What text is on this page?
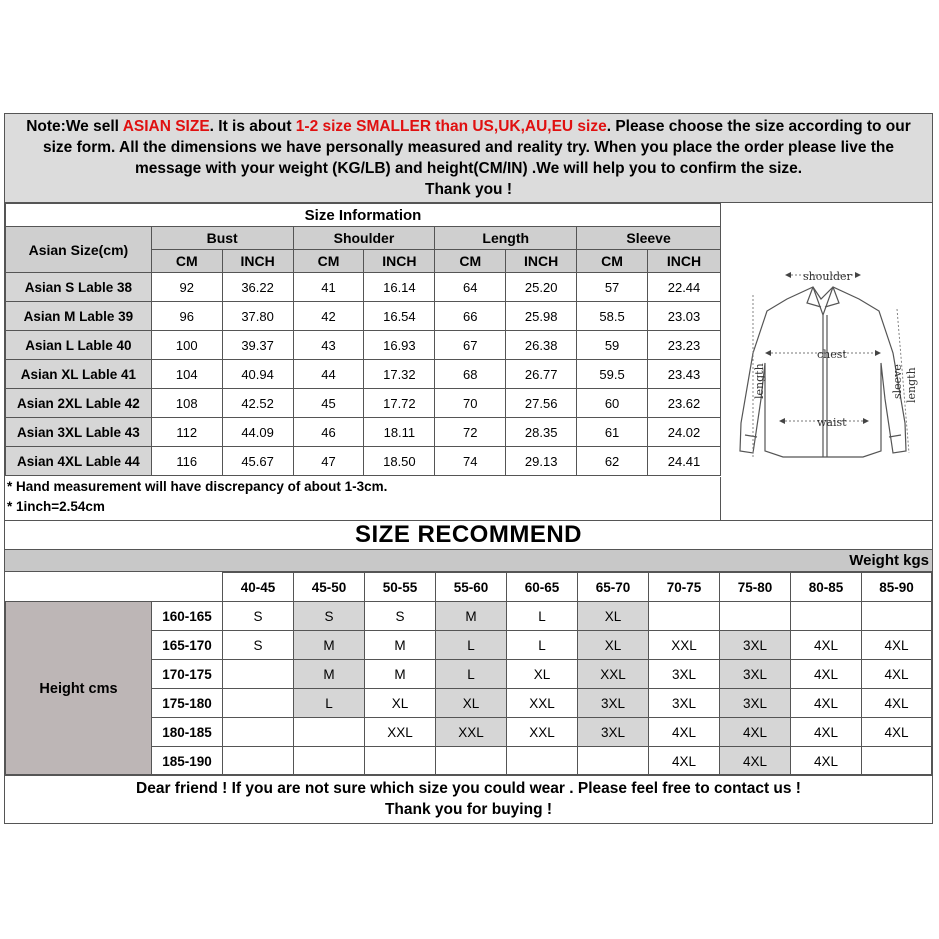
Note:We sell ASIAN SIZE. It is about 1-2 size SMALLER than US,UK,AU,EU size. Please choose the size according to our
size form. All the dimensions we have personally measured and reality try. When you place the order please live the
message with your weight (KG/LB) and height(CM/IN) .We will help you to confirm the size.
Thank you !
Size Information								
Asian Size(cm)	Bust		Shoulder		Length		Sleeve	
	CM	INCH	CM	INCH	CM	INCH	CM	INCH
Asian S Lable 38	92	36.22	41	16.14	64	25.20	57	22.44
Asian M Lable 39	96	37.80	42	16.54	66	25.98	58.5	23.03
Asian L Lable 40	100	39.37	43	16.93	67	26.38	59	23.23
Asian XL Lable 41	104	40.94	44	17.32	68	26.77	59.5	23.43
Asian 2XL Lable 42	108	42.52	45	17.72	70	27.56	60	23.62
Asian 3XL Lable 43	112	44.09	46	18.11	72	28.35	61	24.02
Asian 4XL Lable 44	116	45.67	47	18.50	74	29.13	62	24.41
* Hand measurement will have discrepancy of about 1-3cm.
* 1inch=2.54cm
shoulder
chest
waist
length	sleeve length
SIZE RECOMMEND
Weight kgs
		40-45	45-50	50-55	55-60	60-65	65-70	70-75	75-80	80-85	85-90
Height cms	160-165	S	S	S	M	L	XL				
	165-170	S	M	M	L	L	XL	XXL	3XL	4XL	4XL
	170-175		M	M	L	XL	XXL	3XL	3XL	4XL	4XL
	175-180		L	XL	XL	XXL	3XL	3XL	3XL	4XL	4XL
	180-185			XXL	XXL	XXL	3XL	4XL	4XL	4XL	4XL
	185-190							4XL	4XL	4XL	
Dear friend ! If you are not sure which size you could wear . Please feel free to contact us !
Thank you for buying !
